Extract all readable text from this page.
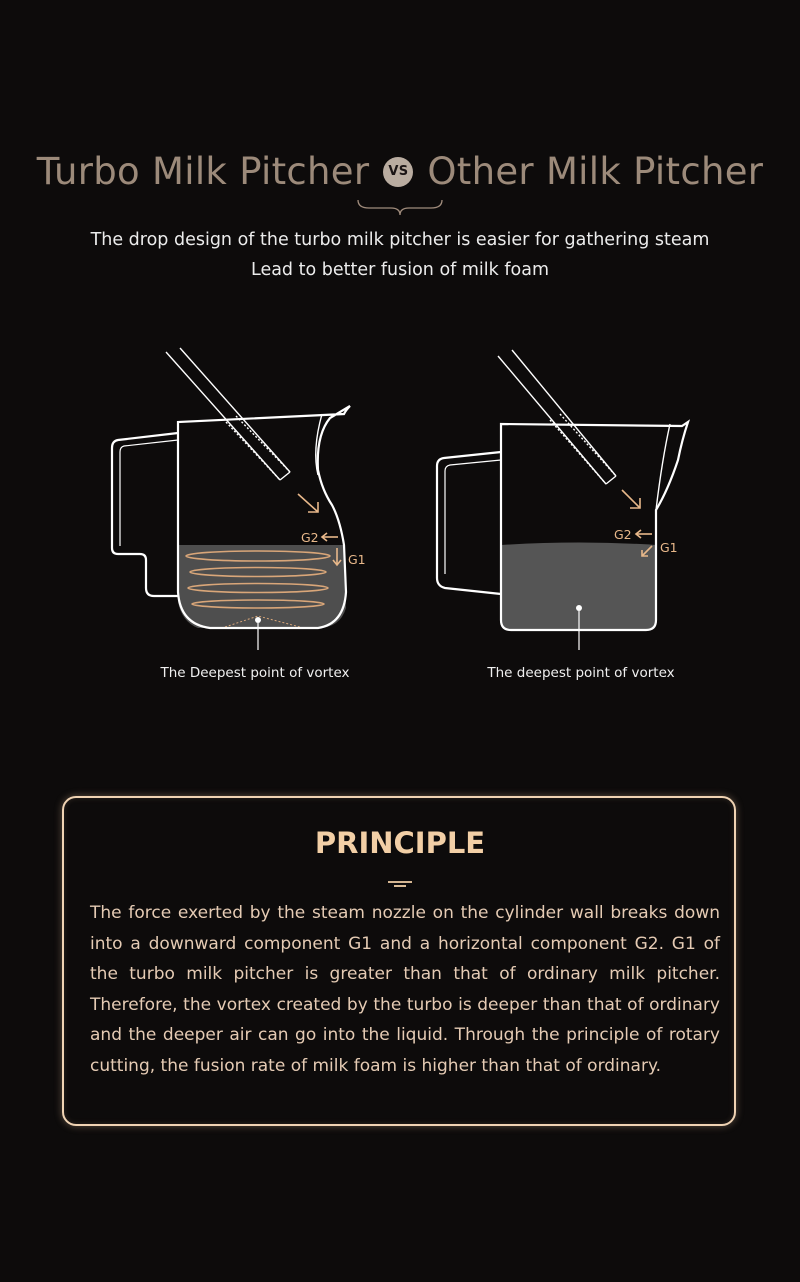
Turbo Milk Pitcher	VS Other Milk Pitcher
The drop design of the turbo milk pitcher is easier for gathering steam
Lead to better fusion of milk foam
G2
G1
G2
G1
The Deepest point of vortex	The deepest point of vortex
PRINCIPLE
The force exerted by the steam nozzle on the cylinder wall breaks down into a downward component G1 and a horizontal component G2. G1 of the turbo milk pitcher is greater than that of ordinary milk pitcher. Therefore, the vortex created by the turbo is deeper than that of ordinary and the deeper air can go into the liquid. Through the principle of rotary cutting, the fusion rate of milk foam is higher than that of ordinary.
